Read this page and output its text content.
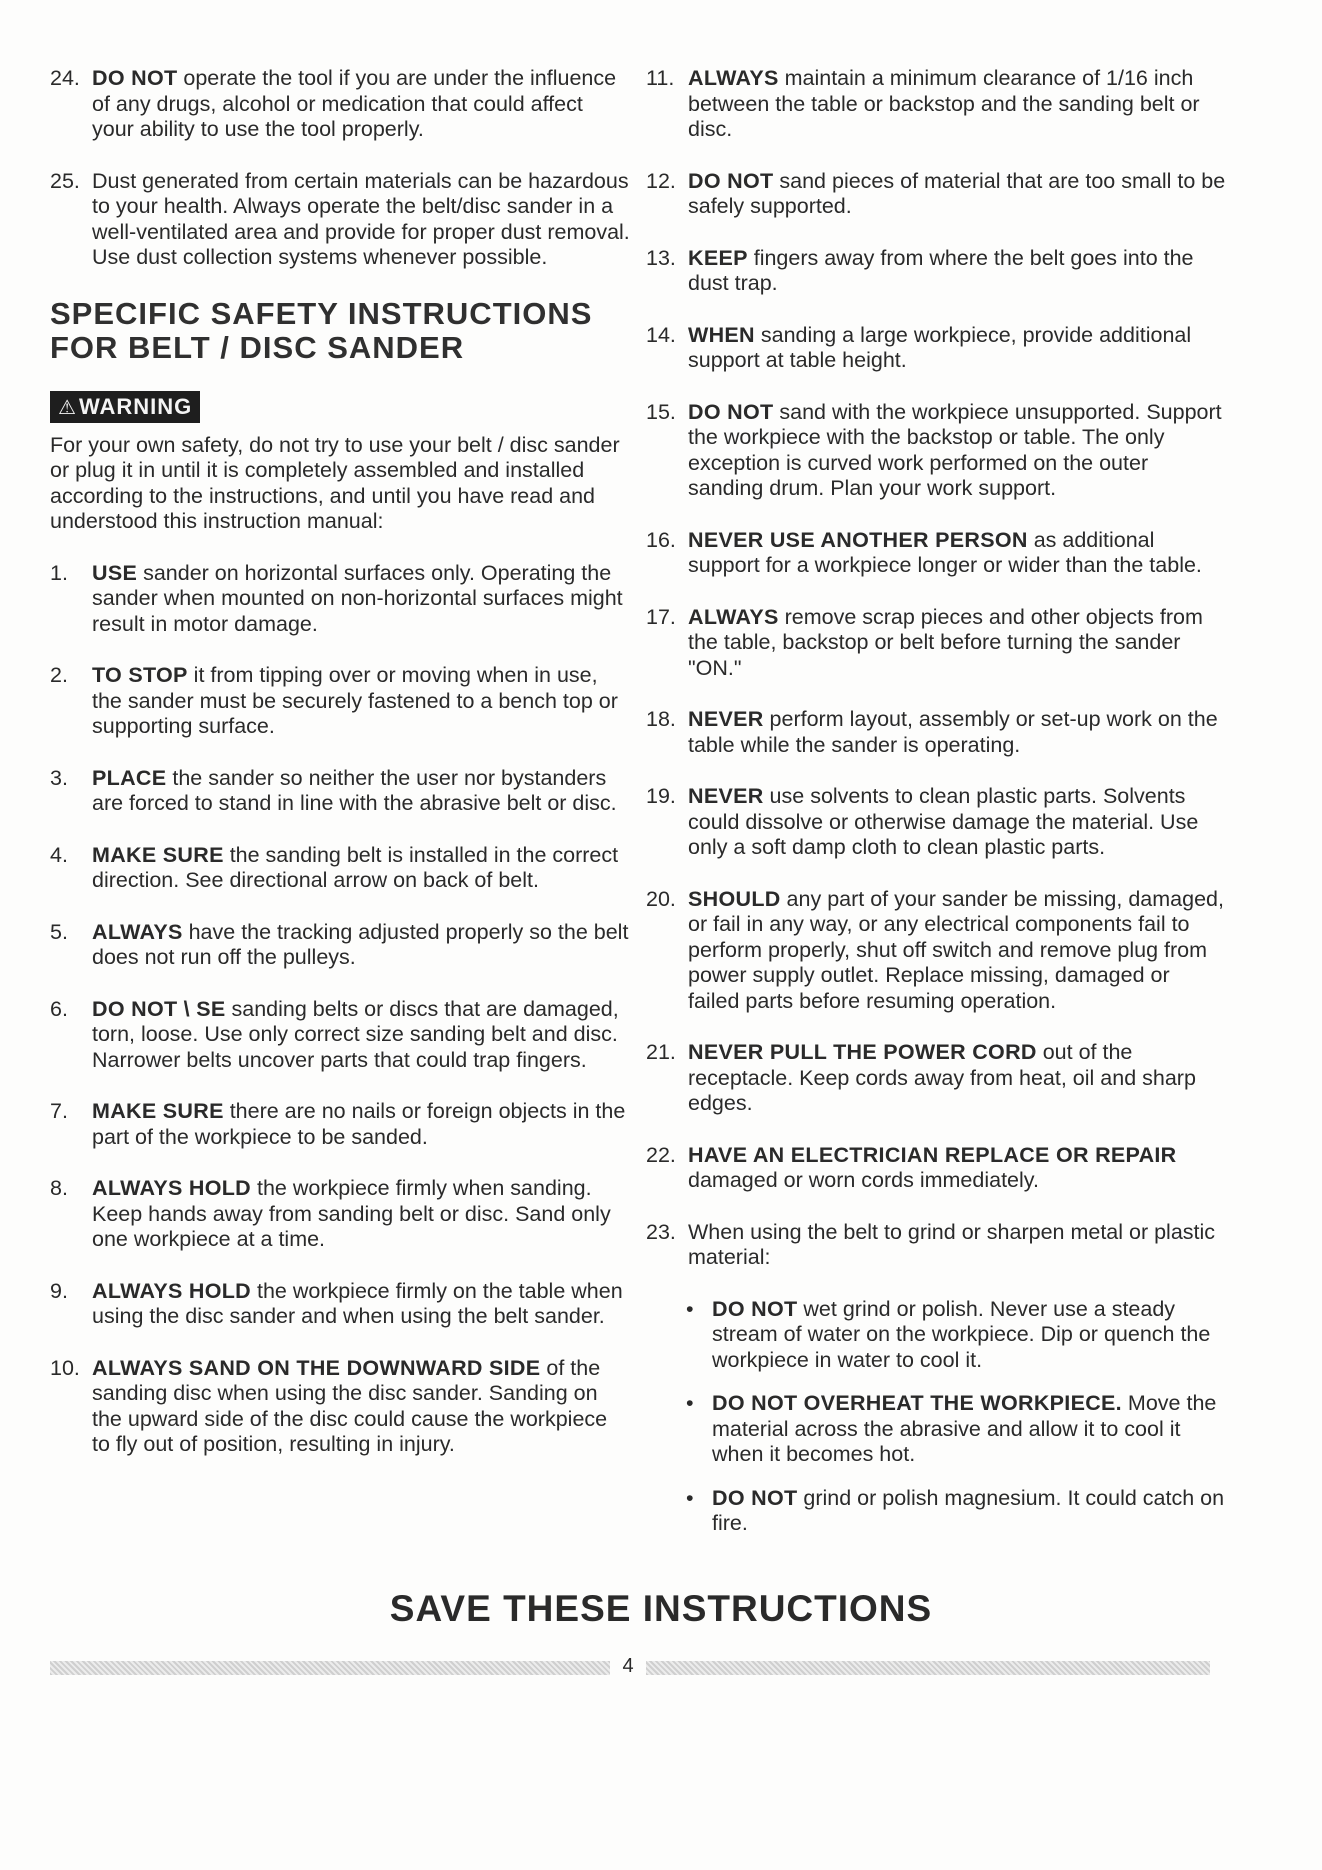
24. DO NOT operate the tool if you are under the influence of any drugs, alcohol or medication that could affect your ability to use the tool properly.
25. Dust generated from certain materials can be hazardous to your health. Always operate the belt/disc sander in a well-ventilated area and provide for proper dust removal. Use dust collection systems whenever possible.
SPECIFIC SAFETY INSTRUCTIONS FOR BELT / DISC SANDER
⚠WARNING
For your own safety, do not try to use your belt / disc sander or plug it in until it is completely assembled and installed according to the instructions, and until you have read and understood this instruction manual:
1. USE sander on horizontal surfaces only. Operating the sander when mounted on non-horizontal surfaces might result in motor damage.
2. TO STOP it from tipping over or moving when in use, the sander must be securely fastened to a bench top or supporting surface.
3. PLACE the sander so neither the user nor bystanders are forced to stand in line with the abrasive belt or disc.
4. MAKE SURE the sanding belt is installed in the correct direction. See directional arrow on back of belt.
5. ALWAYS have the tracking adjusted properly so the belt does not run off the pulleys.
6. DO NOT \ SE sanding belts or discs that are damaged, torn, loose. Use only correct size sanding belt and disc. Narrower belts uncover parts that could trap fingers.
7. MAKE SURE there are no nails or foreign objects in the part of the workpiece to be sanded.
8. ALWAYS HOLD the workpiece firmly when sanding. Keep hands away from sanding belt or disc. Sand only one workpiece at a time.
9. ALWAYS HOLD the workpiece firmly on the table when using the disc sander and when using the belt sander.
10. ALWAYS SAND ON THE DOWNWARD SIDE of the sanding disc when using the disc sander. Sanding on the upward side of the disc could cause the workpiece to fly out of position, resulting in injury.
11. ALWAYS maintain a minimum clearance of 1/16 inch between the table or backstop and the sanding belt or disc.
12. DO NOT sand pieces of material that are too small to be safely supported.
13. KEEP fingers away from where the belt goes into the dust trap.
14. WHEN sanding a large workpiece, provide additional support at table height.
15. DO NOT sand with the workpiece unsupported. Support the workpiece with the backstop or table. The only exception is curved work performed on the outer sanding drum. Plan your work support.
16. NEVER USE ANOTHER PERSON as additional support for a workpiece longer or wider than the table.
17. ALWAYS remove scrap pieces and other objects from the table, backstop or belt before turning the sander "ON."
18. NEVER perform layout, assembly or set-up work on the table while the sander is operating.
19. NEVER use solvents to clean plastic parts. Solvents could dissolve or otherwise damage the material. Use only a soft damp cloth to clean plastic parts.
20. SHOULD any part of your sander be missing, damaged, or fail in any way, or any electrical components fail to perform properly, shut off switch and remove plug from power supply outlet. Replace missing, damaged or failed parts before resuming operation.
21. NEVER PULL THE POWER CORD out of the receptacle. Keep cords away from heat, oil and sharp edges.
22. HAVE AN ELECTRICIAN REPLACE OR REPAIR damaged or worn cords immediately.
23. When using the belt to grind or sharpen metal or plastic material:
• DO NOT wet grind or polish. Never use a steady stream of water on the workpiece. Dip or quench the workpiece in water to cool it.
• DO NOT OVERHEAT THE WORKPIECE. Move the material across the abrasive and allow it to cool it when it becomes hot.
• DO NOT grind or polish magnesium. It could catch on fire.
SAVE THESE INSTRUCTIONS
4
